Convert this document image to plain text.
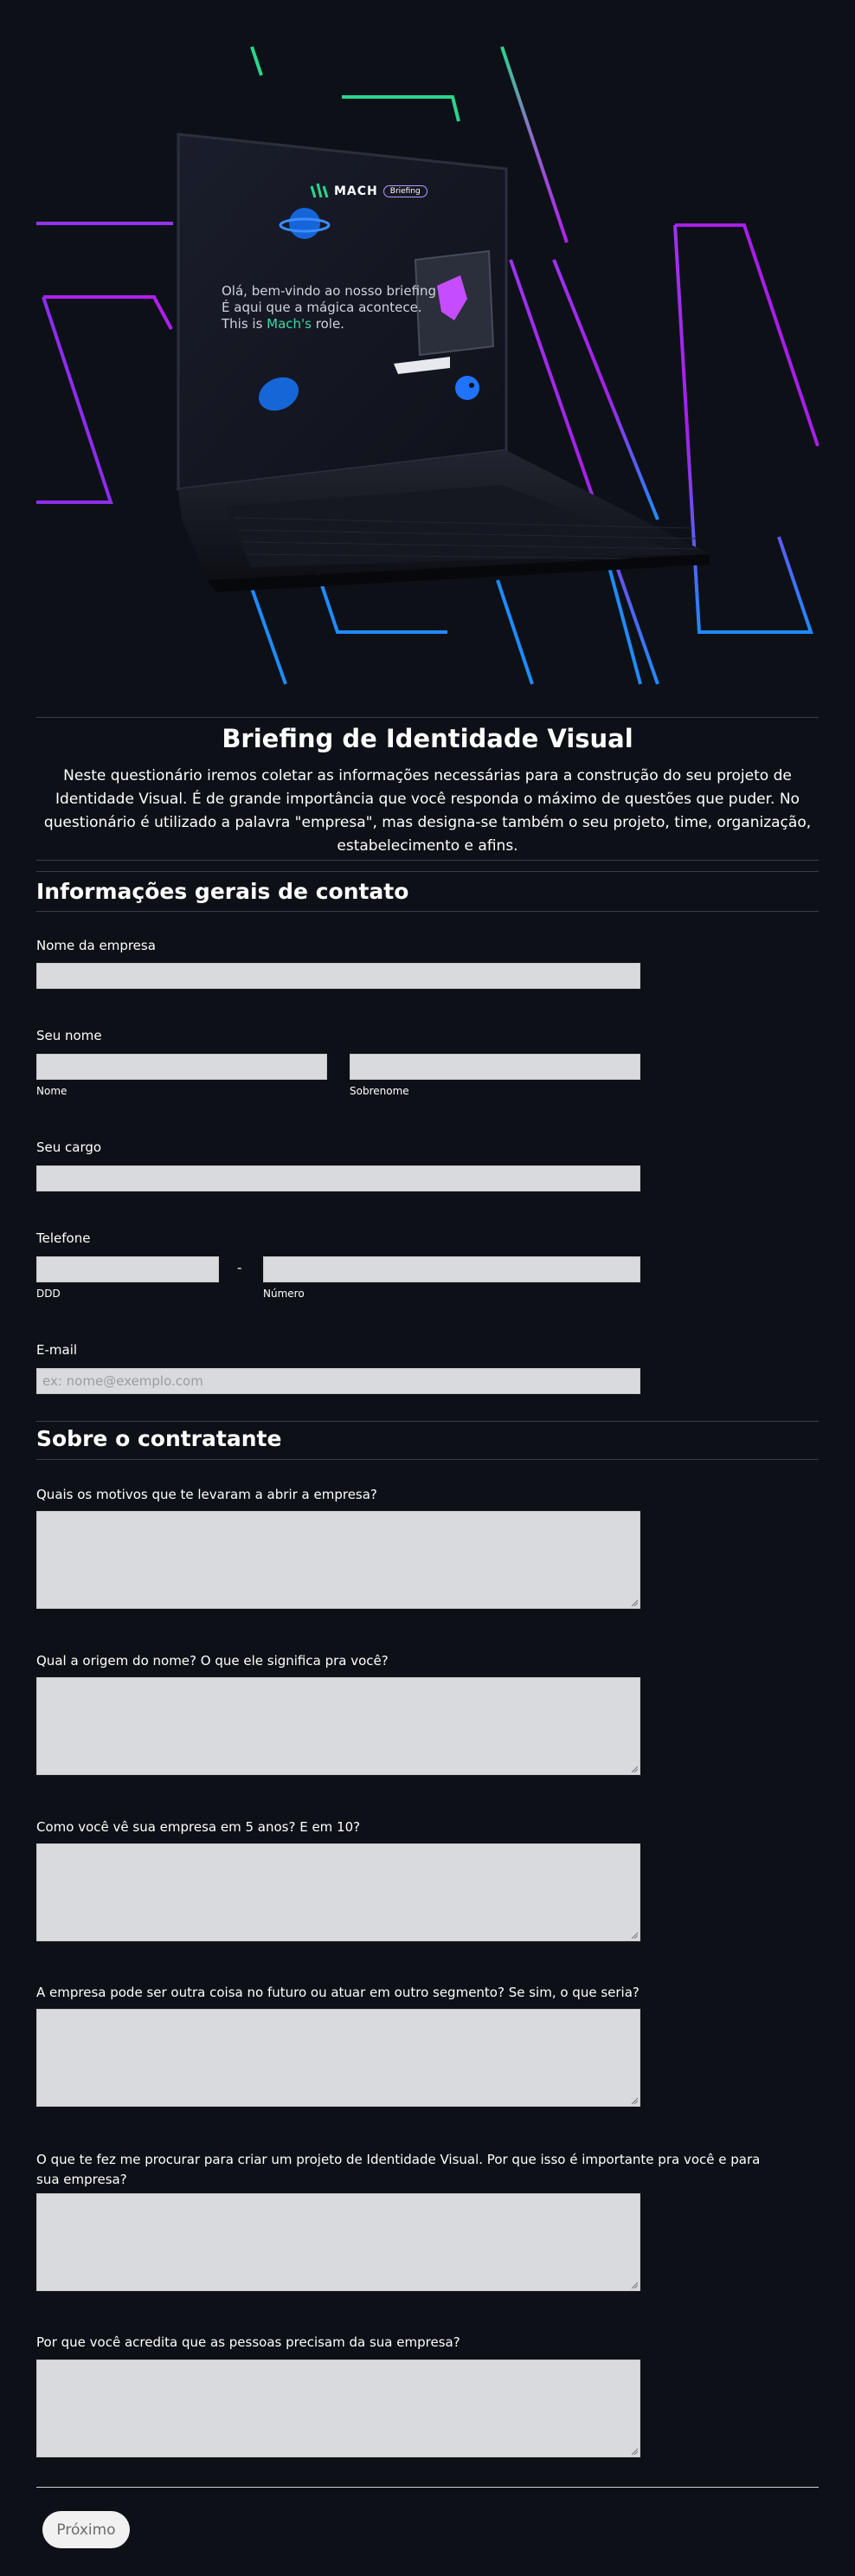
MACH	Briefing
Olá, bem-vindo ao nosso briefing
É aqui que a mágica acontece.
This is Mach's role.
Briefing de Identidade Visual
Neste questionário iremos coletar as informações necessárias para a construção do seu projeto de Identidade Visual. É de grande importância que você responda o máximo de questões que puder. No questionário é utilizado a palavra "empresa", mas designa-se também o seu projeto, time, organização, estabelecimento e afins.
Informações gerais de contato
Nome da empresa
Seu nome
Nome	Sobrenome
Seu cargo
Telefone
-
DDD	Número
E-mail
ex: nome@exemplo.com
Sobre o contratante
Quais os motivos que te levaram a abrir a empresa?
Qual a origem do nome? O que ele significa pra você?
Como você vê sua empresa em 5 anos? E em 10?
A empresa pode ser outra coisa no futuro ou atuar em outro segmento? Se sim, o que seria?
O que te fez me procurar para criar um projeto de Identidade Visual. Por que isso é importante pra você e para sua empresa?
Por que você acredita que as pessoas precisam da sua empresa?
Próximo
